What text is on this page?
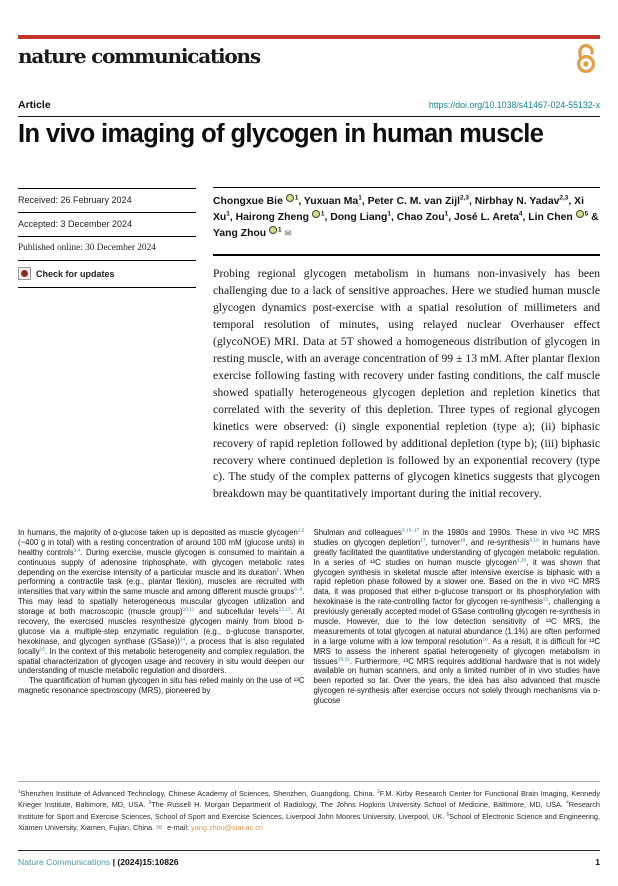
nature communications
Article	https://doi.org/10.1038/s41467-024-55132-x
In vivo imaging of glycogen in human muscle
Received: 26 February 2024
Accepted: 3 December 2024
Published online: 30 December 2024
Check for updates

Chongxue Bie $^1$, Yuxuan Ma$^1$, Peter C. M. van Zijl$^{2,3}$, Nirbhay N. Yadav$^{2,3}$, Xi Xu$^1$, Hairong Zheng $^1$, Dong Liang$^1$, Chao Zou$^1$, José L. Areta$^4$, Lin Chen $^5$ & Yang Zhou $^1$ ✉

Probing regional glycogen metabolism in humans non-invasively has been challenging due to a lack of sensitive approaches. Here we studied human muscle glycogen dynamics post-exercise with a spatial resolution of millimeters and temporal resolution of minutes, using relayed nuclear Overhauser effect (glycoNOE) MRI. Data at 5T showed a homogeneous distribution of glycogen in resting muscle, with an average concentration of 99 ± 13 mM. After plantar flexion exercise following fasting with recovery under fasting conditions, the calf muscle showed spatially heterogeneous glycogen depletion and repletion kinetics that correlated with the severity of this depletion. Three types of regional glycogen kinetics were observed: (i) single exponential repletion (type a); (ii) biphasic recovery of rapid repletion followed by additional depletion (type b); (iii) biphasic recovery where continued depletion is followed by an exponential recovery (type c). The study of the complex patterns of glycogen kinetics suggests that glycogen breakdown may be quantitatively important during the initial recovery.

In humans, the majority of ᴅ-glucose taken up is deposited as muscle glycogen$^{1,2}$ (~400 g in total) with a resting concentration of around 100 mM (glucose units) in healthy controls$^{3,4}$. During exercise, muscle glycogen is consumed to maintain a continuous supply of adenosine triphosphate, with glycogen metabolic rates depending on the exercise intensity of a particular muscle and its duration$^5$. When performing a contractile task (e.g., plantar flexion), muscles are recruited with intensities that vary within the same muscle and among different muscle groups$^{6-9}$. This may lead to spatially heterogeneous muscular glycogen utilization and storage at both macroscopic (muscle group)$^{10,11}$ and subcellular levels$^{12,13}$. At recovery, the exercised muscles resynthesize glycogen mainly from blood ᴅ-glucose via a multiple-step enzymatic regulation (e.g., ᴅ-glucose transporter, hexokinase, and glycogen synthase (GSase))$^{14}$, a process that is also regulated locally$^{15}$. In the context of this metabolic heterogeneity and complex regulation, the spatial characterization of glycogen usage and recovery in situ would deepen our understanding of muscle metabolic regulation and disorders.

The quantification of human glycogen in situ has relied mainly on the use of ¹³C magnetic resonance spectroscopy (MRS), pioneered by

Shulman and colleagues$^{3,15-17}$ in the 1980s and 1990s. These in vivo ¹³C MRS studies on glycogen depletion$^{17}$, turnover$^{18}$, and re-synthesis$^{5,19}$ in humans have greatly facilitated the quantitative understanding of glycogen metabolic regulation. In a series of ¹³C studies on human muscle glycogen$^{1,20}$, it was shown that glycogen synthesis in skeletal muscle after intensive exercise is biphasic with a rapid repletion phase followed by a slower one. Based on the in vivo ¹³C MRS data, it was proposed that either ᴅ-glucose transport or its phosphorylation with hexokinase is the rate-controlling factor for glycogen re-synthesis$^{21}$, challenging a previously generally accepted model of GSase controlling glycogen re-synthesis in muscle. However, due to the low detection sensitivity of ¹³C MRS, the measurements of total glycogen at natural abundance (1.1%) are often performed in a large volume with a low temporal resolution$^{16}$. As a result, it is difficult for ¹³C MRS to assess the inherent spatial heterogeneity of glycogen metabolism in tissues$^{15,22}$. Furthermore, ¹³C MRS requires additional hardware that is not widely available on human scanners, and only a limited number of in vivo studies have been reported so far. Over the years, the idea has also advanced that muscle glycogen re-synthesis after exercise occurs not solely through mechanisms via ᴅ-glucose

$^1$Shenzhen Institute of Advanced Technology, Chinese Academy of Sciences, Shenzhen, Guangdong, China. $^2$F.M. Kirby Research Center for Functional Brain Imaging, Kennedy Krieger Institute, Baltimore, MD, USA. $^3$The Russell H. Morgan Department of Radiology, The Johns Hopkins University School of Medicine, Baltimore, MD, USA. $^4$Research Institute for Sport and Exercise Sciences, School of Sport and Exercise Sciences, Liverpool John Moores University, Liverpool, UK. $^5$School of Electronic Science and Engineering, Xiamen University, Xiamen, Fujian, China. ✉e-mail: yang.zhou@siat.ac.cn

Nature Communications | (2024)15:10826	1
